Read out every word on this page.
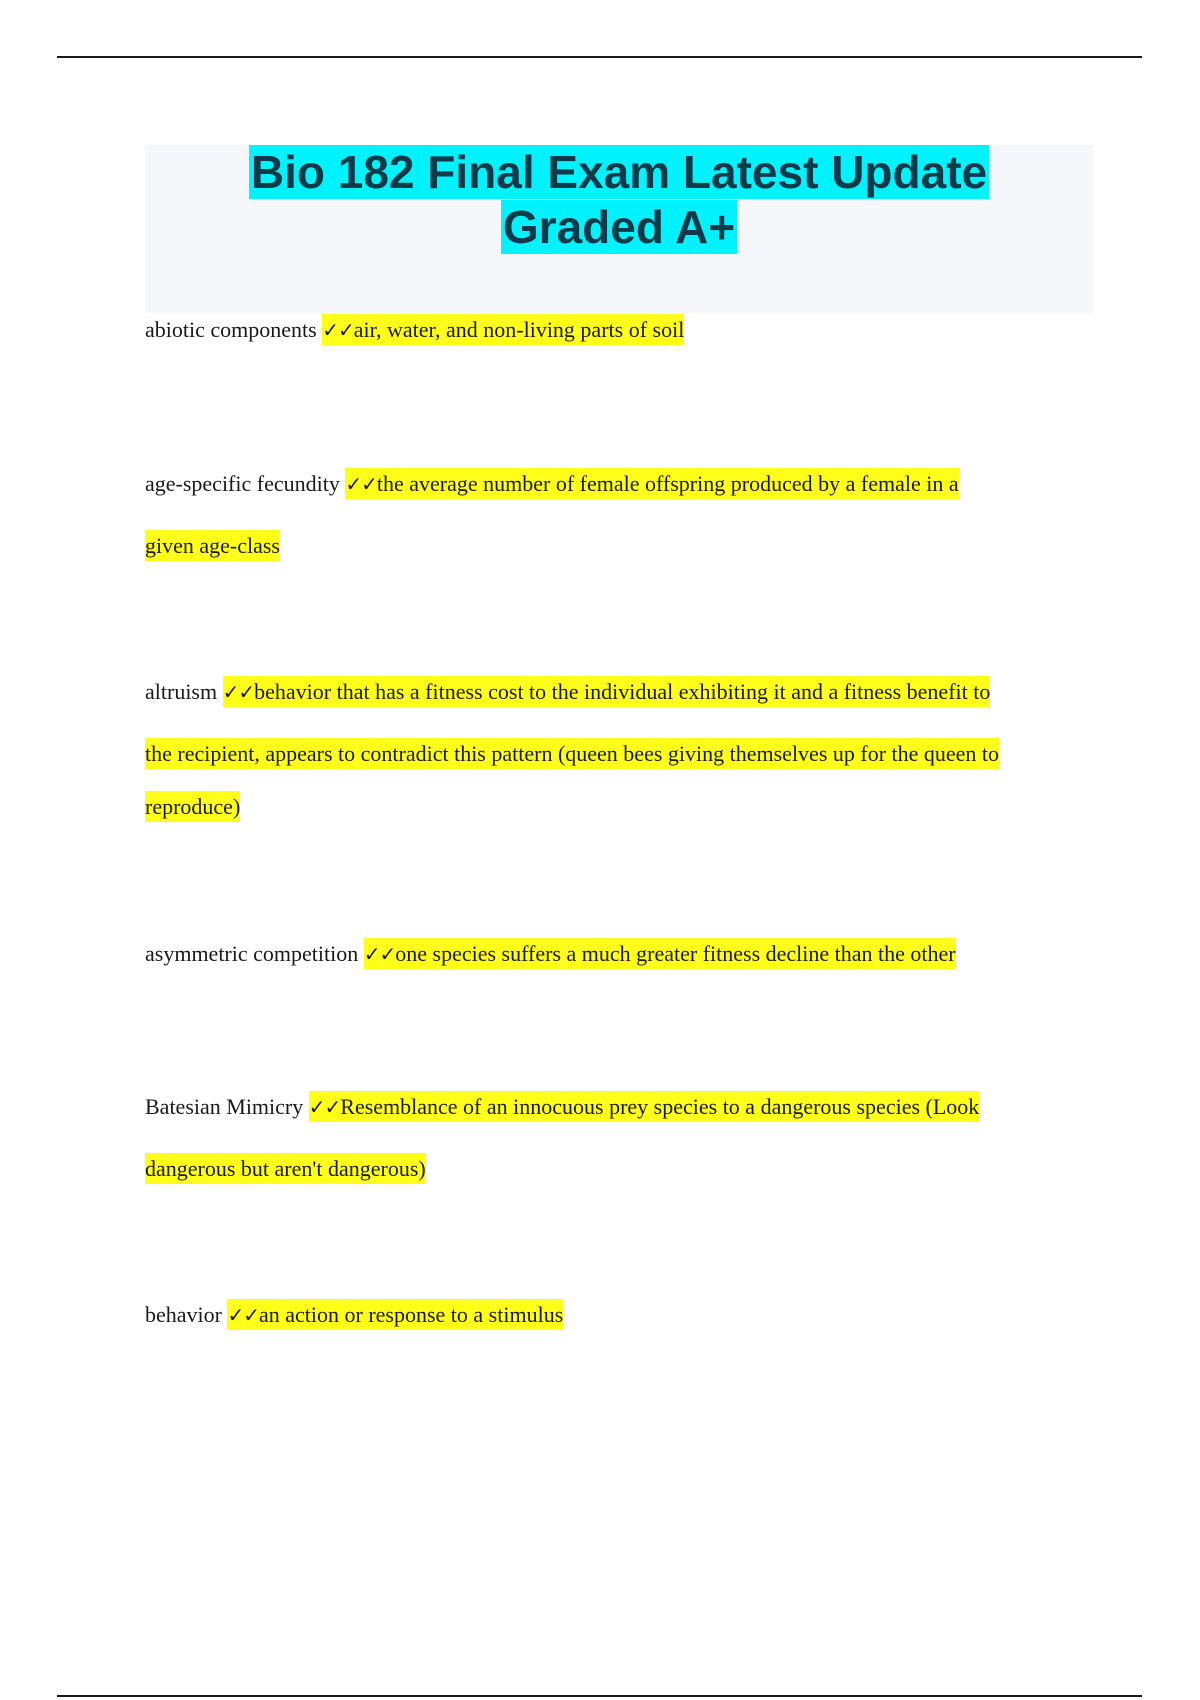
Bio 182 Final Exam Latest Update
Graded A+
abiotic components ✓✓air, water, and non-living parts of soil
age-specific fecundity ✓✓the average number of female offspring produced by a female in a
given age-class
altruism ✓✓behavior that has a fitness cost to the individual exhibiting it and a fitness benefit to
the recipient, appears to contradict this pattern (queen bees giving themselves up for the queen to
reproduce)
asymmetric competition ✓✓one species suffers a much greater fitness decline than the other
Batesian Mimicry ✓✓Resemblance of an innocuous prey species to a dangerous species (Look
dangerous but aren't dangerous)
behavior ✓✓an action or response to a stimulus
